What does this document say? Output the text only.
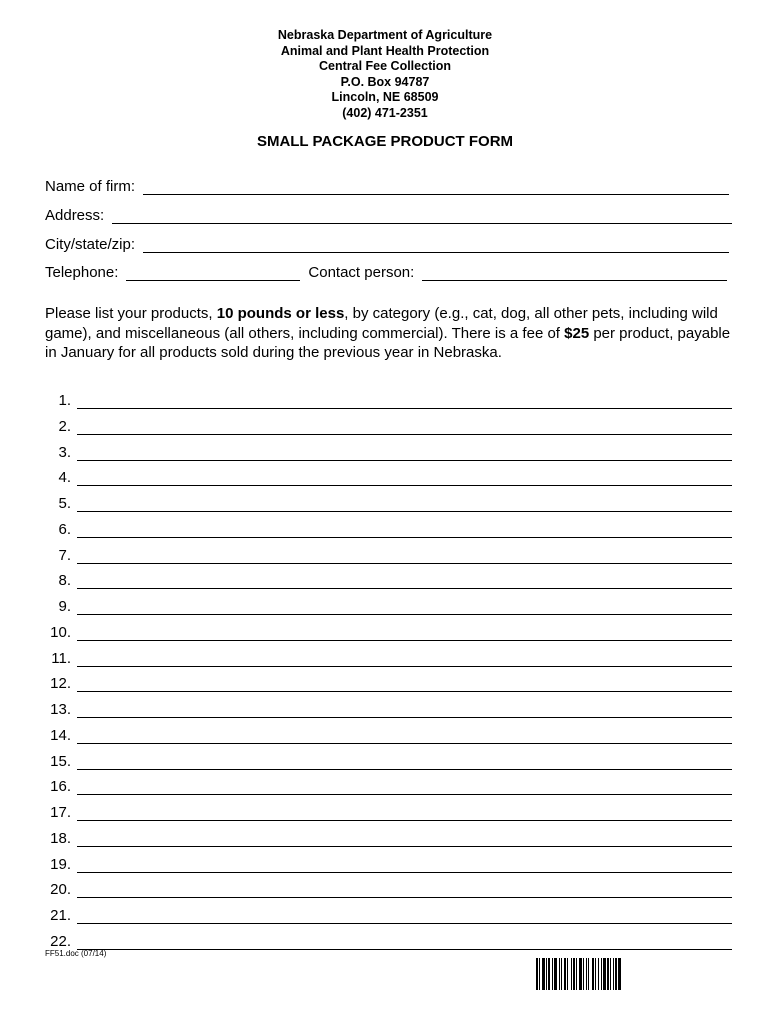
Nebraska Department of Agriculture
Animal and Plant Health Protection
Central Fee Collection
P.O. Box 94787
Lincoln, NE 68509
(402) 471-2351
SMALL PACKAGE PRODUCT FORM
Name of firm:
Address:
City/state/zip:
Telephone:	Contact person:
Please list your products, 10 pounds or less, by category (e.g., cat, dog, all other pets, including wild game), and miscellaneous (all others, including commercial). There is a fee of $25 per product, payable in January for all products sold during the previous year in Nebraska.
1.
2.
3.
4.
5.
6.
7.
8.
9.
10.
11.
12.
13.
14.
15.
16.
17.
18.
19.
20.
21.
22.
FF51.doc (07/14)
